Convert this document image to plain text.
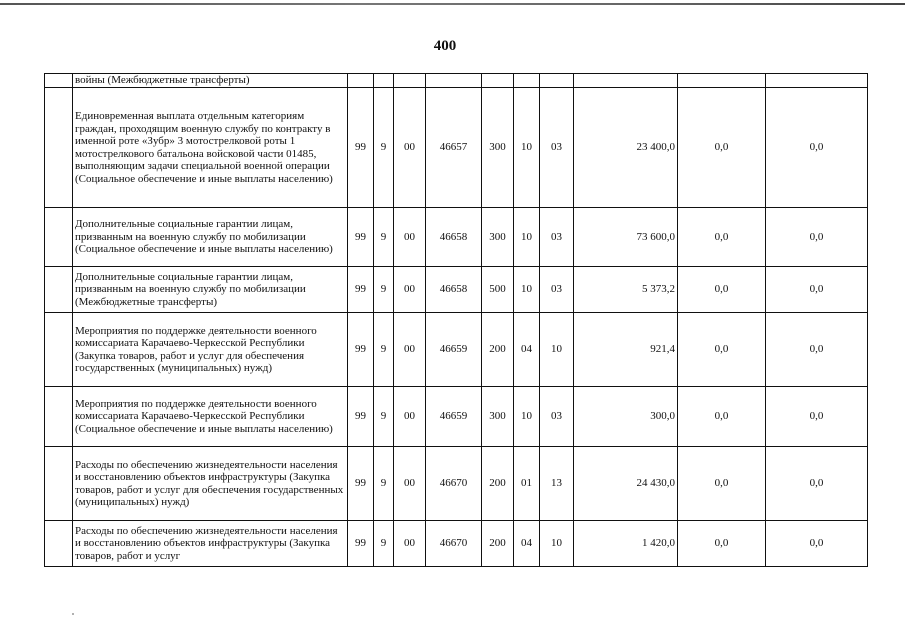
400
	войны (Межбюджетные трансферты)										
	Единовременная выплата отдельным категориям граждан, проходящим военную службу по контракту в именной роте «Зубр» 3 мотострелковой роты 1 мотострелкового батальона войсковой части 01485, выполняющим задачи специальной военной операции (Социальное обеспечение и иные выплаты населению)	99	9	00	46657	300	10	03	23 400,0	0,0	0,0
	Дополнительные социальные гарантии лицам, призванным на военную службу по мобилизации (Социальное обеспечение и иные выплаты населению)	99	9	00	46658	300	10	03	73 600,0	0,0	0,0
	Дополнительные социальные гарантии лицам, призванным на военную службу по мобилизации (Межбюджетные трансферты)	99	9	00	46658	500	10	03	5 373,2	0,0	0,0
	Мероприятия по поддержке деятельности военного комиссариата Карачаево-Черкесской Республики (Закупка товаров, работ и услуг для обеспечения государственных (муниципальных) нужд)	99	9	00	46659	200	04	10	921,4	0,0	0,0
	Мероприятия по поддержке деятельности военного комиссариата Карачаево-Черкесской Республики (Социальное обеспечение и иные выплаты населению)	99	9	00	46659	300	10	03	300,0	0,0	0,0
	Расходы по обеспечению жизнедеятельности населения и восстановлению объектов инфраструктуры (Закупка товаров, работ и услуг для обеспечения государственных (муниципальных) нужд)	99	9	00	46670	200	01	13	24 430,0	0,0	0,0
	Расходы по обеспечению жизнедеятельности населения и восстановлению объектов инфраструктуры (Закупка товаров, работ и услуг	99	9	00	46670	200	04	10	1 420,0	0,0	0,0
